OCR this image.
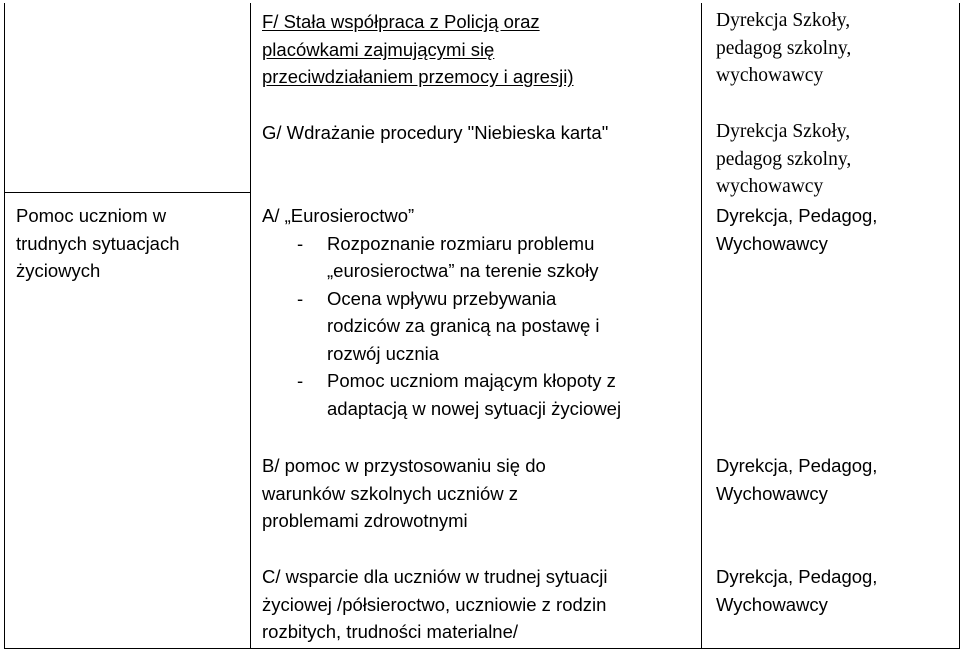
F/ Stała współpraca z Policją oraz
placówkami zajmującymi się
przeciwdziałaniem przemocy i agresji)
Dyrekcja Szkoły,
pedagog szkolny,
wychowawcy
G/ Wdrażanie procedury "Niebieska karta"	Dyrekcja Szkoły,
pedagog szkolny,
wychowawcy
Pomoc uczniom w
trudnych sytuacjach
życiowych
A/ „Eurosieroctwo”
- Rozpoznanie rozmiaru problemu
„eurosieroctwa” na terenie szkoły
- Ocena wpływu przebywania
rodziców za granicą na postawę i
rozwój ucznia
- Pomoc uczniom mającym kłopoty z
adaptacją w nowej sytuacji życiowej
Dyrekcja, Pedagog,
Wychowawcy
B/ pomoc w przystosowaniu się do
warunków szkolnych uczniów z
problemami zdrowotnymi
Dyrekcja, Pedagog,
Wychowawcy
C/ wsparcie dla uczniów w trudnej sytuacji
życiowej /półsieroctwo, uczniowie z rodzin
rozbitych, trudności materialne/
Dyrekcja, Pedagog,
Wychowawcy
